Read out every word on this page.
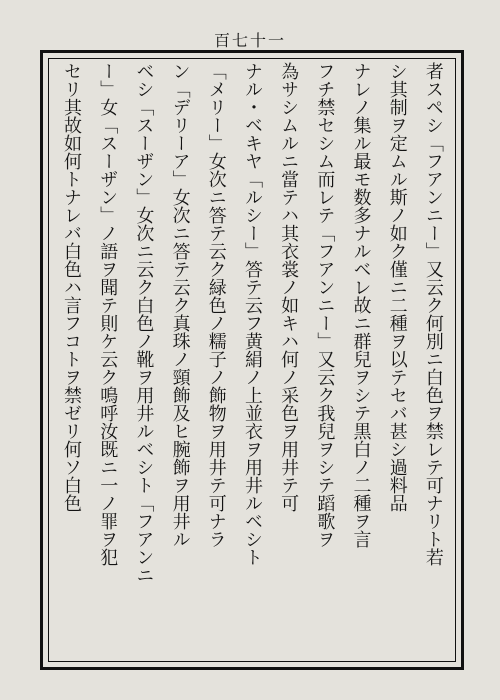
百七十一
者スペシ「フアンニー」又云ク何別ニ白色ヲ禁レテ可ナリト若
シ其制ヲ定ムル斯ノ如ク僅ニ二種ヲ以テセバ甚シ過料品
ナレノ集ル最モ数多ナルベレ故ニ群兒ヲシテ黒白ノ二種ヲ言
フチ禁セシム而レテ「フアンニー」又云ク我兒ヲシテ蹈歌ヲ
為サシムルニ當テハ其衣裳ノ如キハ何ノ采色ヲ用井テ可
ナル・ベキヤ「ルシー」答テ云フ黄絹ノ上並衣ヲ用井ルベシト
「メリー」女次ニ答テ云ク緑色ノ糯子ノ飾物ヲ用井テ可ナラ
ン「デリーア」女次ニ答テ云ク真珠ノ頸飾及ヒ腕飾ヲ用井ル
ベシ「スーザン」女次ニ云ク白色ノ靴ヲ用井ルベシト「フアンニ
ー」女「スーザン」ノ語ヲ聞テ則ケ云ク鳴呼汝既ニ一ノ罪ヲ犯
セリ其故如何トナレバ白色ハ言フコトヲ禁ゼリ何ソ白色
